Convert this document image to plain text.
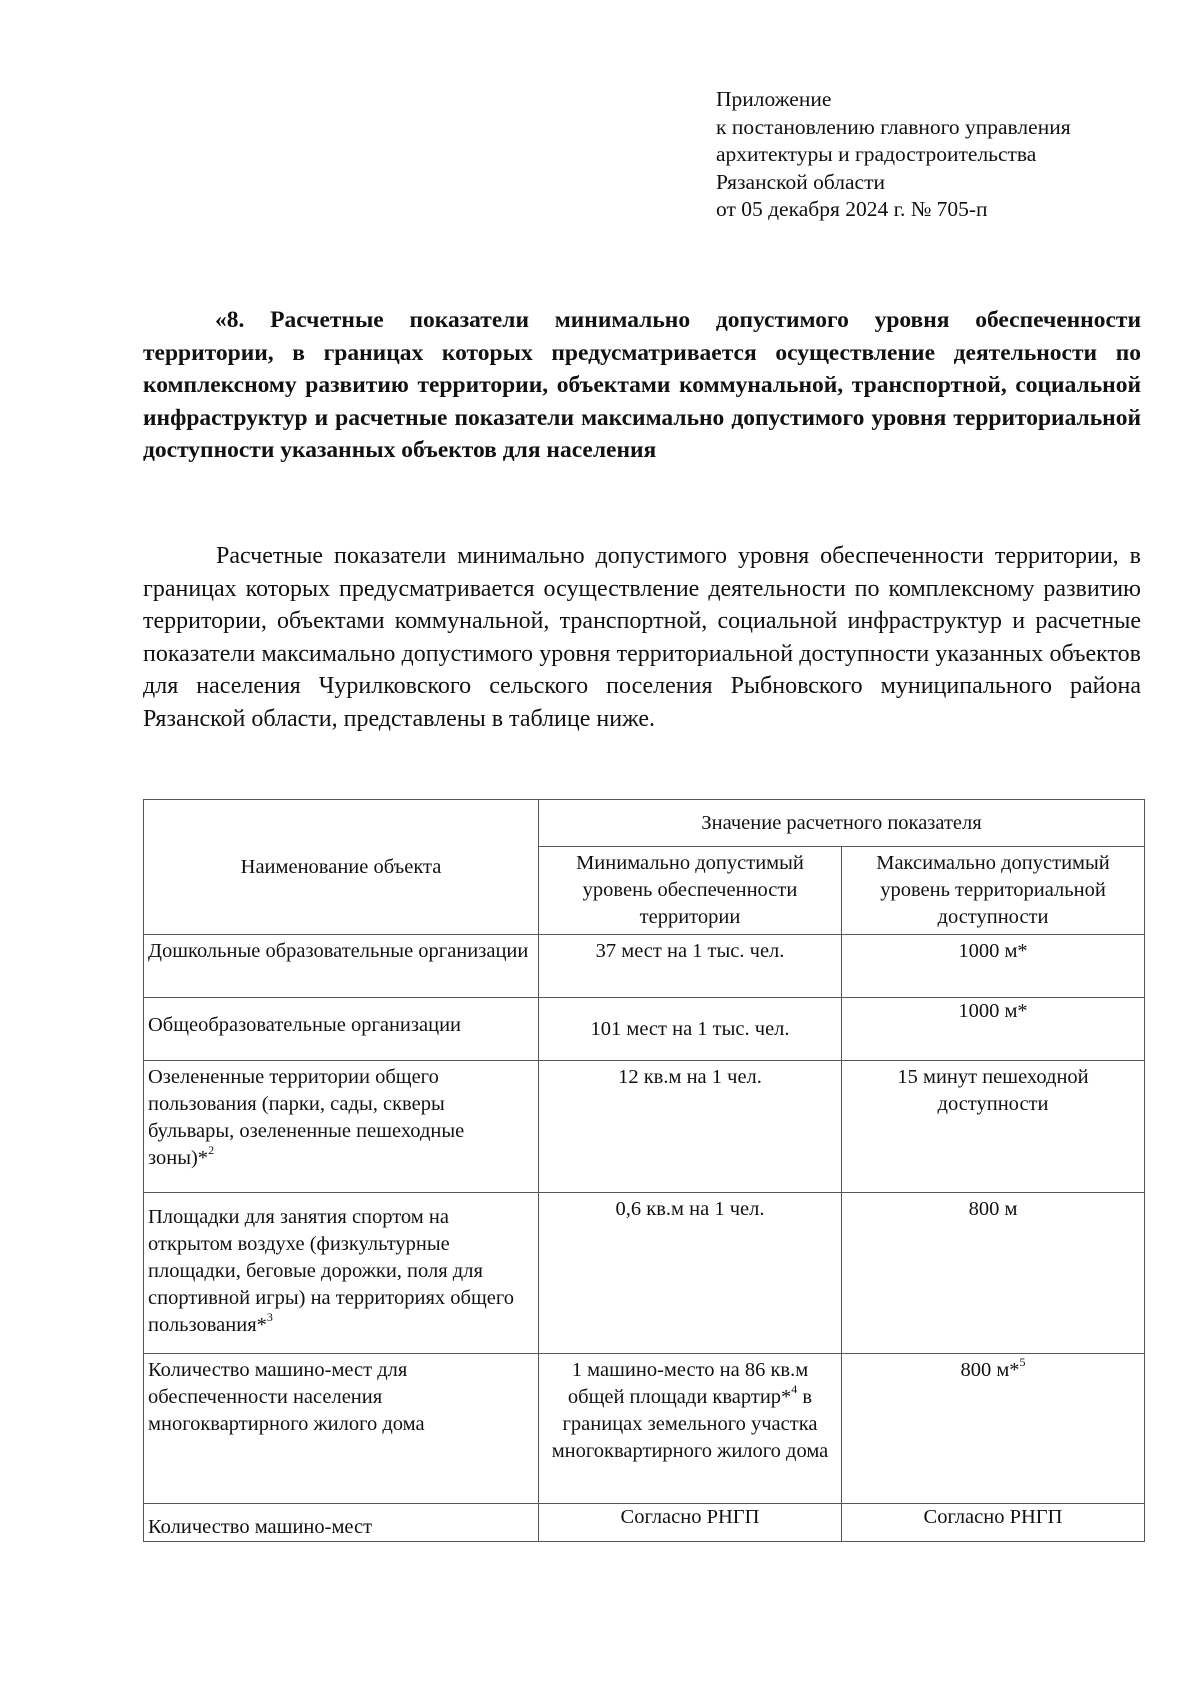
Приложение
к постановлению главного управления
архитектуры и градостроительства
Рязанской области
от 05 декабря 2024 г. № 705-п
«8. Расчетные показатели минимально допустимого уровня обеспеченности территории, в границах которых предусматривается осуществление деятельности по комплексному развитию территории, объектами коммунальной, транспортной, социальной инфраструктур и расчетные показатели максимально допустимого уровня территориальной доступности указанных объектов для населения
Расчетные показатели минимально допустимого уровня обеспеченности территории, в границах которых предусматривается осуществление деятельности по комплексному развитию территории, объектами коммунальной, транспортной, социальной инфраструктур и расчетные показатели максимально допустимого уровня территориальной доступности указанных объектов для населения Чурилковского сельского поселения Рыбновского муниципального района Рязанской области, представлены в таблице ниже.
Наименование объекта	Значение расчетного показателя	
	Минимально допустимый уровень обеспеченности территории	Максимально допустимый уровень территориальной доступности

Дошкольные образовательные организации	37 мест на 1 тыс. чел.	1000 м*

Общеобразовательные организации	101 мест на 1 тыс. чел.	1000 м*
Озелененные территории общего пользования (парки, сады, скверы бульвары, озелененные пешеходные зоны)*$^2$	12 кв.м на 1 чел.	15 минут пешеходной доступности

Площадки для занятия спортом на открытом воздухе (физкультурные площадки, беговые дорожки, поля для спортивной игры) на территориях общего пользования*$^3$	0,6 кв.м на 1 чел.	800 м
Количество машино-мест для обеспеченности населения многоквартирного жилого дома	1 машино-место на 86 кв.м общей площади квартир*$^4$ в границах земельного участка многоквартирного жилого дома	800 м*$^5$
Количество машино-мест	Согласно РНГП	Согласно РНГП
